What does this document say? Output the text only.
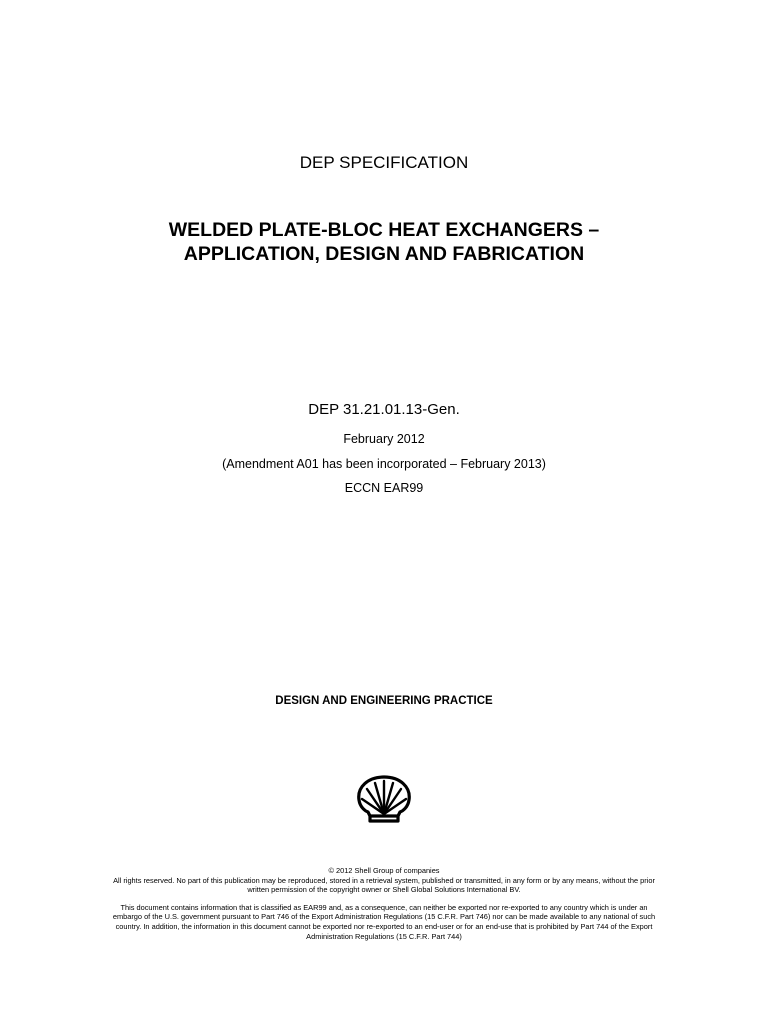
DEP SPECIFICATION
WELDED PLATE-BLOC HEAT EXCHANGERS –
APPLICATION, DESIGN AND FABRICATION
DEP 31.21.01.13-Gen.
February 2012
(Amendment A01 has been incorporated – February 2013)
ECCN EAR99
DESIGN AND ENGINEERING PRACTICE

© 2012 Shell Group of companies

All rights reserved. No part of this publication may be reproduced, stored in a retrieval system, published or transmitted, in any form or by any means, without the prior

written permission of the copyright owner or Shell Global Solutions International BV.

This document contains information that is classified as EAR99 and, as a consequence, can neither be exported nor re-exported to any country which is under an

embargo of the U.S. government pursuant to Part 746 of the Export Administration Regulations (15 C.F.R. Part 746) nor can be made available to any national of such

country. In addition, the information in this document cannot be exported nor re-exported to an end-user or for an end-use that is prohibited by Part 744 of the Export

Administration Regulations (15 C.F.R. Part 744)
